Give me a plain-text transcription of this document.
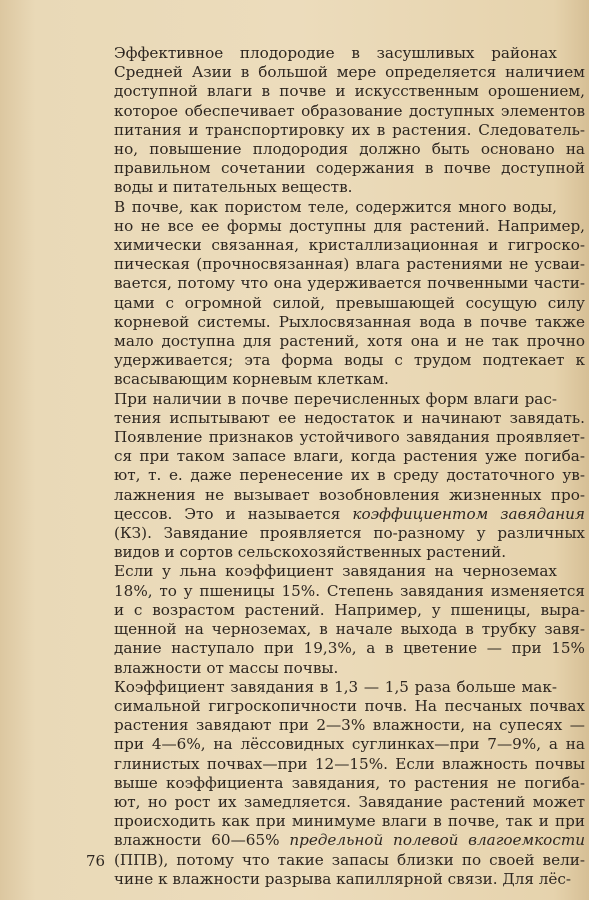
Эффективное плодородие в засушливых районах
Средней Азии в большой мере определяется наличием
доступной влаги в почве и искусственным орошением,
которое обеспечивает образование доступных элементов
питания и транспортировку их в растения. Следователь-
но, повышение плодородия должно быть основано на
правильном сочетании содержания в почве доступной
воды и питательных веществ.

В почве, как пористом теле, содержится много воды,
но не все ее формы доступны для растений. Например,
химически связанная, кристаллизационная и гигроско-
пическая (прочносвязанная) влага растениями не усваи-
вается, потому что она удерживается почвенными части-
цами с огромной силой, превышающей сосущую силу
корневой системы. Рыхлосвязанная вода в почве также
мало доступна для растений, хотя она и не так прочно
удерживается; эта форма воды с трудом подтекает к
всасывающим корневым клеткам.

При наличии в почве перечисленных форм влаги рас-
тения испытывают ее недостаток и начинают завядать.
Появление признаков устойчивого завядания проявляет-
ся при таком запасе влаги, когда растения уже погиба-
ют, т. е. даже перенесение их в среду достаточного ув-
лажнения не вызывает возобновления жизненных про-
цессов. Это и называется коэффициентом завядания
(КЗ). Завядание проявляется по-разному у различных
видов и сортов сельскохозяйственных растений.

Если у льна коэффициент завядания на черноземах
18%, то у пшеницы 15%. Степень завядания изменяется
и с возрастом растений. Например, у пшеницы, выра-
щенной на черноземах, в начале выхода в трубку завя-
дание наступало при 19,3%, а в цветение — при 15%
влажности от массы почвы.

Коэффициент завядания в 1,3 — 1,5 раза больше мак-
симальной гигроскопичности почв. На песчаных почвах
растения завядают при 2—3% влажности, на супесях —
при 4—6%, на лёссовидных суглинках—при 7—9%, а на
глинистых почвах—при 12—15%. Если влажность почвы
выше коэффициента завядания, то растения не погиба-
ют, но рост их замедляется. Завядание растений может
происходить как при минимуме влаги в почве, так и при
влажности 60—65% предельной полевой влагоемкости
(ППВ), потому что такие запасы близки по своей вели-
чине к влажности разрыва капиллярной связи. Для лёс-

76
